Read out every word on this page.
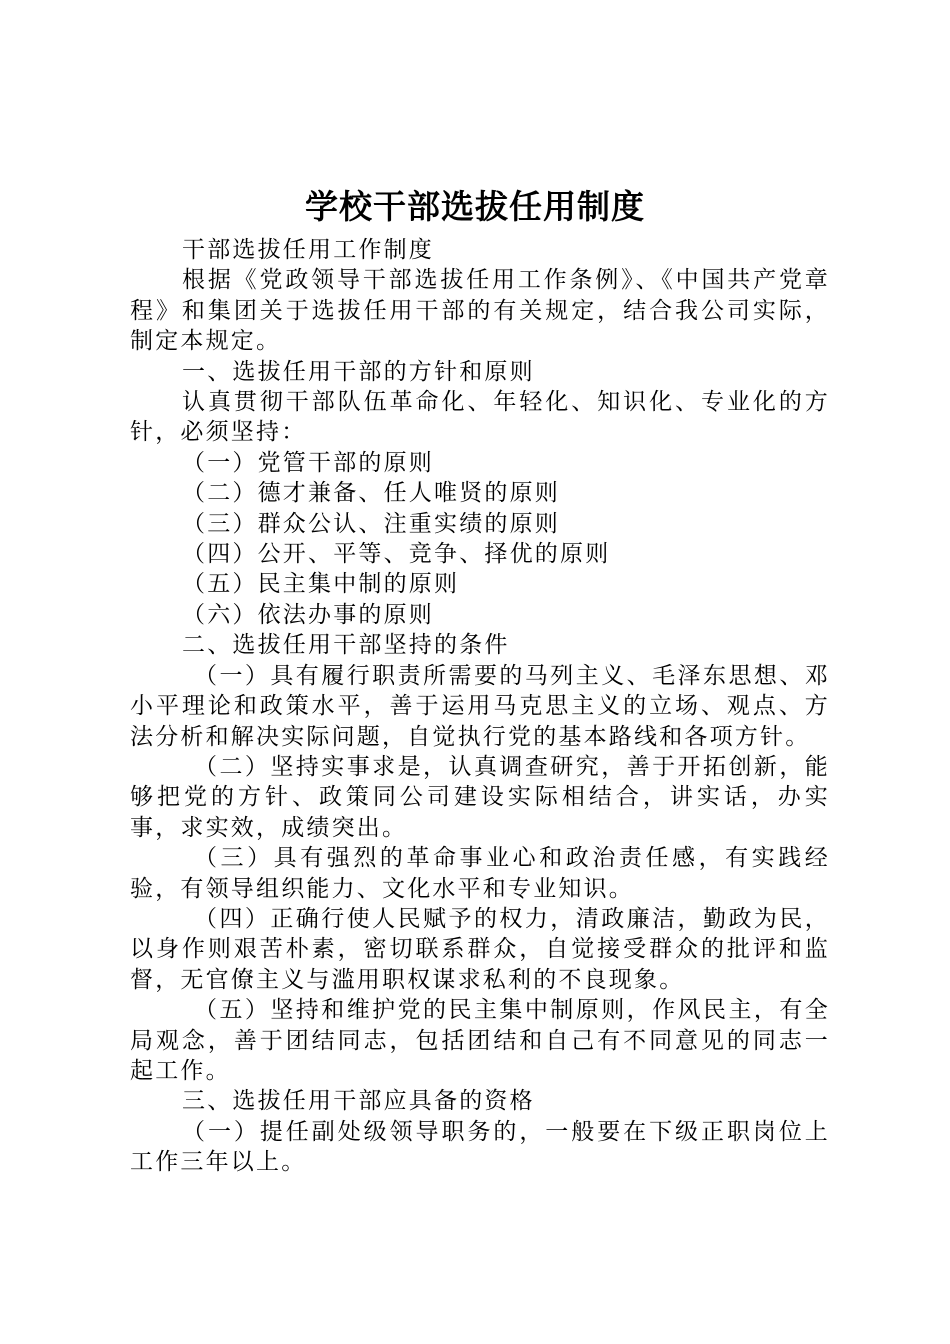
学校干部选拔任用制度

干部选拔任用工作制度

根据《党政领导干部选拔任用工作条例》、《中国共产党章程》和集团关于选拔任用干部的有关规定，结合我公司实际，制定本规定。

一、选拔任用干部的方针和原则

认真贯彻干部队伍革命化、年轻化、知识化、专业化的方针，必须坚持：

（一）党管干部的原则

（二）德才兼备、任人唯贤的原则

（三）群众公认、注重实绩的原则

（四）公开、平等、竞争、择优的原则

（五）民主集中制的原则

（六）依法办事的原则

二、选拔任用干部坚持的条件

（一）具有履行职责所需要的马列主义、毛泽东思想、邓小平理论和政策水平，善于运用马克思主义的立场、观点、方法分析和解决实际问题，自觉执行党的基本路线和各项方针。

（二）坚持实事求是，认真调查研究，善于开拓创新，能够把党的方针、政策同公司建设实际相结合，讲实话，办实事，求实效，成绩突出。

（三）具有强烈的革命事业心和政治责任感，有实践经验，有领导组织能力、文化水平和专业知识。

（四）正确行使人民赋予的权力，清政廉洁，勤政为民，以身作则艰苦朴素，密切联系群众，自觉接受群众的批评和监督，无官僚主义与滥用职权谋求私利的不良现象。

（五）坚持和维护党的民主集中制原则，作风民主，有全局观念，善于团结同志，包括团结和自己有不同意见的同志一起工作。

三、选拔任用干部应具备的资格

（一）提任副处级领导职务的，一般要在下级正职岗位上工作三年以上。
